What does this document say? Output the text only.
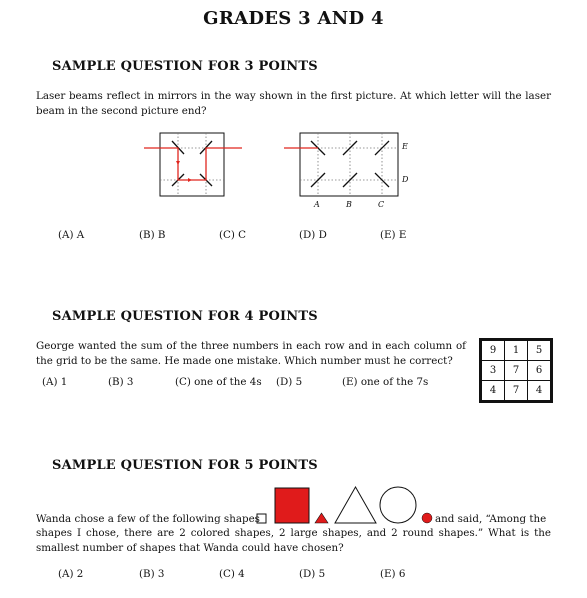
GRADES 3 AND 4
SAMPLE QUESTION FOR 3 POINTS
Laser beams reflect in mirrors in the way shown in the first picture. At which letter will the laser beam in the second picture end?
E
D
A	B	C
(A) A	(B) B	(C) C	(D) D	(E) E
SAMPLE QUESTION FOR 4 POINTS
George wanted the sum of the three numbers in each row and in each column of the grid to be the same. He made one mistake. Which number must he correct?
(A) 1	(B) 3	(C) one of the 4s (D) 5	(E) one of the 7s
9	1	5
3	7	6
4	7	4
SAMPLE QUESTION FOR 5 POINTS
Wanda chose a few of the following shapes	and said, “Among the
shapes I chose, there are 2 colored shapes, 2 large shapes, and 2 round shapes.” What is the smallest number of shapes that Wanda could have chosen?
(A) 2	(B) 3	(C) 4	(D) 5	(E) 6
